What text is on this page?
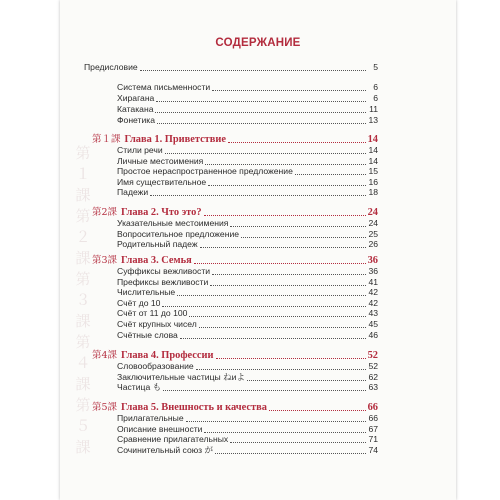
第
１
課
第
２
課
第
３
課
第
４
課
第
５
課
СОДЕРЖАНИЕ
Предисловие	5
Система письменности	6
Хирагана	6
Катакана	11
Фонетика	13
第１課 Глава 1. Приветствие	14
Стили речи	14
Личные местоимения	14
Простое нераспространенное предложение	15
Имя существительное	16
Падежи	18
第2課 Глава 2. Что это?	24
Указательные местоимения	24
Вопросительное предложение	25
Родительный падеж	26
第3課 Глава 3. Семья	36
Суффиксы вежливости	36
Префиксы вежливости	41
Числительные	42
Счёт до 10	42
Счёт от 11 до 100	43
Счёт крупных чисел	45
Счётные слова	46
第4課 Глава 4. Профессии	52
Словообразование	52
Заключительные частицы ねиよ	62
Частица も	63
第5課 Глава 5. Внешность и качества	66
Прилагательные	66
Описание внешности	67
Сравнение прилагательных	71
Сочинительный союз が	74
